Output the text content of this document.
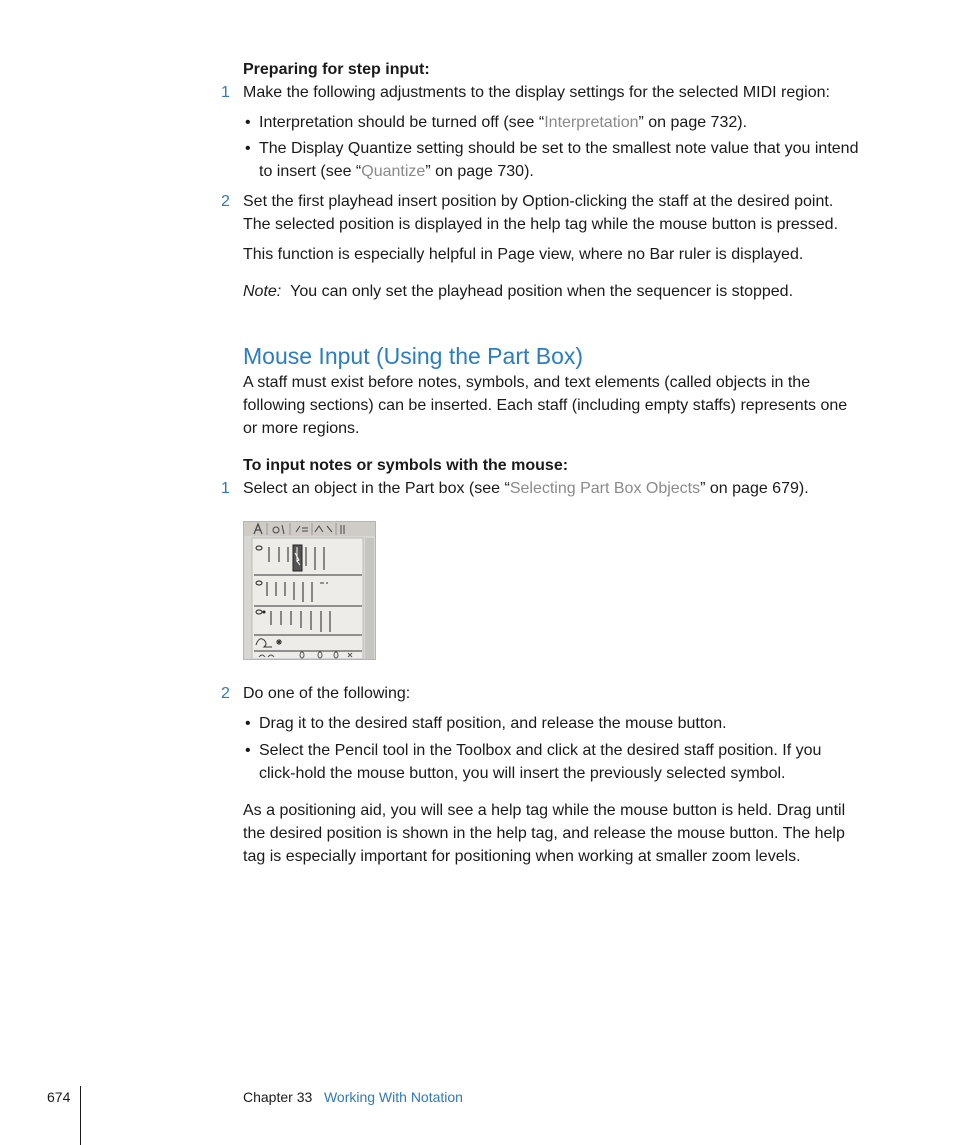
Preparing for step input:
1 Make the following adjustments to the display settings for the selected MIDI region:
• Interpretation should be turned off (see “Interpretation” on page 732).
• The Display Quantize setting should be set to the smallest note value that you intend
to insert (see “Quantize” on page 730).
2 Set the first playhead insert position by Option-clicking the staff at the desired point.
The selected position is displayed in the help tag while the mouse button is pressed.
This function is especially helpful in Page view, where no Bar ruler is displayed.
Note: You can only set the playhead position when the sequencer is stopped.
Mouse Input (Using the Part Box)
A staff must exist before notes, symbols, and text elements (called objects in the
following sections) can be inserted. Each staff (including empty staffs) represents one
or more regions.
To input notes or symbols with the mouse:
1 Select an object in the Part box (see “Selecting Part Box Objects” on page 679).
2 Do one of the following:
• Drag it to the desired staff position, and release the mouse button.
• Select the Pencil tool in the Toolbox and click at the desired staff position. If you
click-hold the mouse button, you will insert the previously selected symbol.
As a positioning aid, you will see a help tag while the mouse button is held. Drag until
the desired position is shown in the help tag, and release the mouse button. The help
tag is especially important for positioning when working at smaller zoom levels.
674	Chapter 33 Working With Notation
